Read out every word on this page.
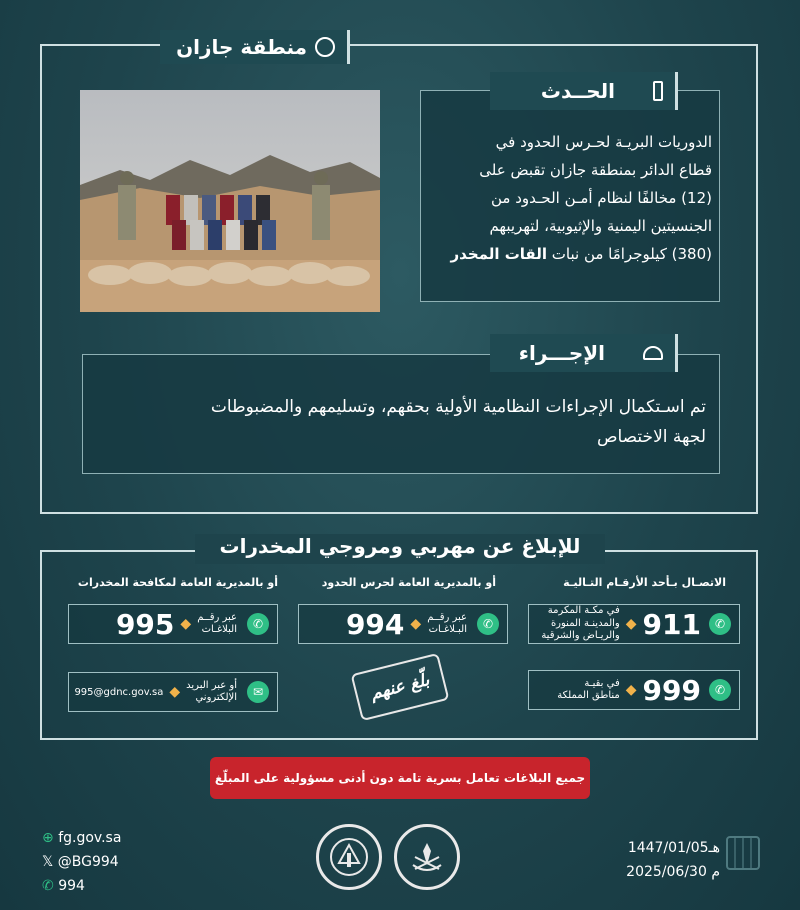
منطقة جازان
الحــدث
الدوريات البريـة لحـرس الحدود في
قطاع الدائر بمنطقة جازان تقبض على
(12) مخالفًا لنظام أمـن الحـدود من
الجنسيتين اليمنية والإثيوبية، لتهريبهم
(380) كيلوجرامًا من نبات القات المخدر
الإجـــراء
تم اسـتكمال الإجراءات النظامية الأولية بحقهم، وتسليمهم والمضبوطات
لجهة الاختصاص
للإبلاغ عن مهربي ومروجي المخدرات
الاتصـال بـأحد الأرقـام التـاليـة
أو بالمديرية العامة لحرس الحدود
أو بالمديرية العامة لمكافحة المخدرات
✆
911
◆
في مكـة المكرمة
والمدينـة المنورة
والريـاض والشرقية
✆
999
◆
في بقيـة
مناطق المملكة
✆
عبر رقــم
البـلاغـات
◆
994
✆
عبر رقــم
البلاغـات
◆
995
✉
أو عبر البريد
الإلكتروني
◆
995@gdnc.gov.sa	بلّغ عنهم
جميع البلاغات تعامل بسرية تامة دون أدنى مسؤولية على المبلّغ
⊕ fg.gov.sa
𝕏 @BG994
✆ 994
1447/01/05هـ
2025/06/30 م
